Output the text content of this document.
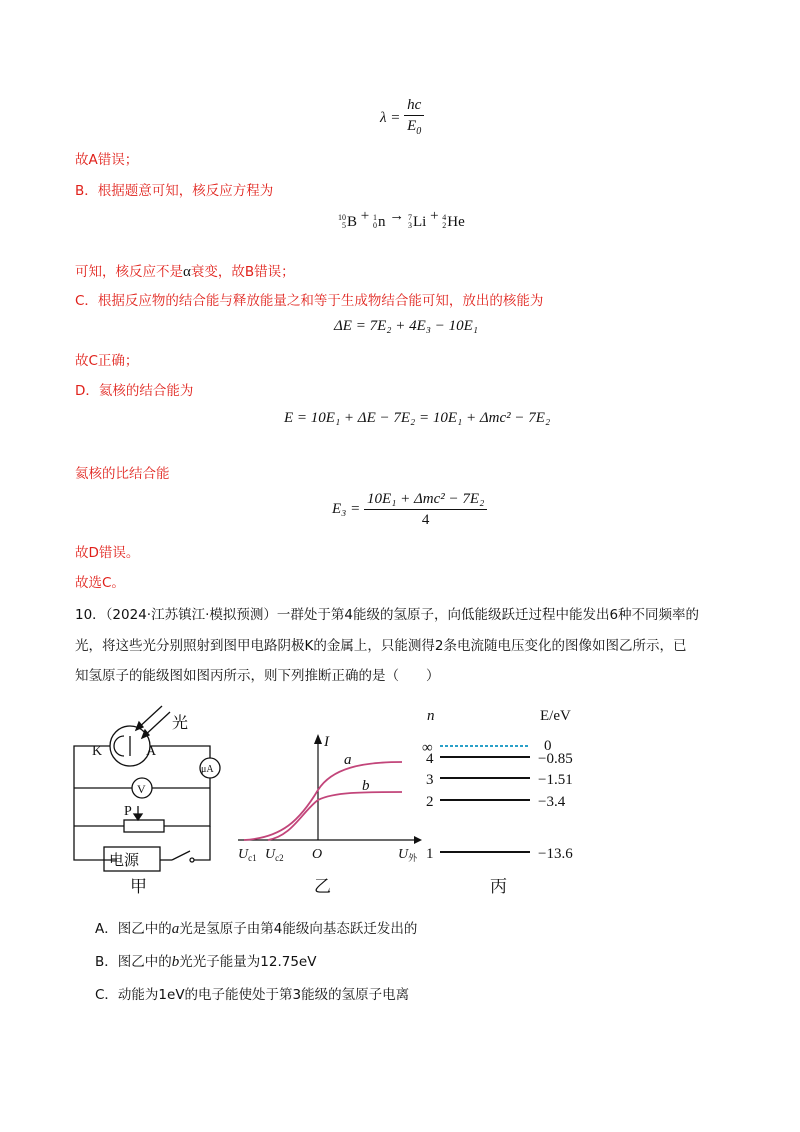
$\lambda = \frac{hc}{E_0}$
故A错误；
B．根据题意可知，核反应方程为
10
5 B + 1
0 n → 7
3 Li + 4
2 He
可知，核反应不是α衰变，故B错误；
C．根据反应物的结合能与释放能量之和等于生成物结合能可知，放出的核能为
ΔE = 7E₂ + 4E₃ − 10E₁
故C正确；
D．氦核的结合能为
E = 10E₁ + ΔE − 7E₂ = 10E₁ + Δmc² − 7E₂
氦核的比结合能
$E_3 = \frac{\text{10E₁ + Δmc² − 7E₂}}{4}$
故D错误。
故选C。
10．（2024·江苏镇江·模拟预测）一群处于第4能级的氢原子，向低能级跃迁过程中能发出6种不同频率的
光，将这些光分别照射到图甲电路阴极K的金属上，只能测得2条电流随电压变化的图像如图乙所示，已
知氢原子的能级图如图丙所示，则下列推断正确的是（　　）
光
K	A
μA
V
P
电源
甲
I
a
b
$U_{c1}$ $U_{c2}$ O	$U_外$
乙
n	E/eV
∞	0
4	−0.85
3	−1.51
2	−3.4
1	−13.6
丙
A．图乙中的a光是氢原子由第4能级向基态跃迁发出的
B．图乙中的b光光子能量为12.75eV
C．动能为1eV的电子能使处于第3能级的氢原子电离
